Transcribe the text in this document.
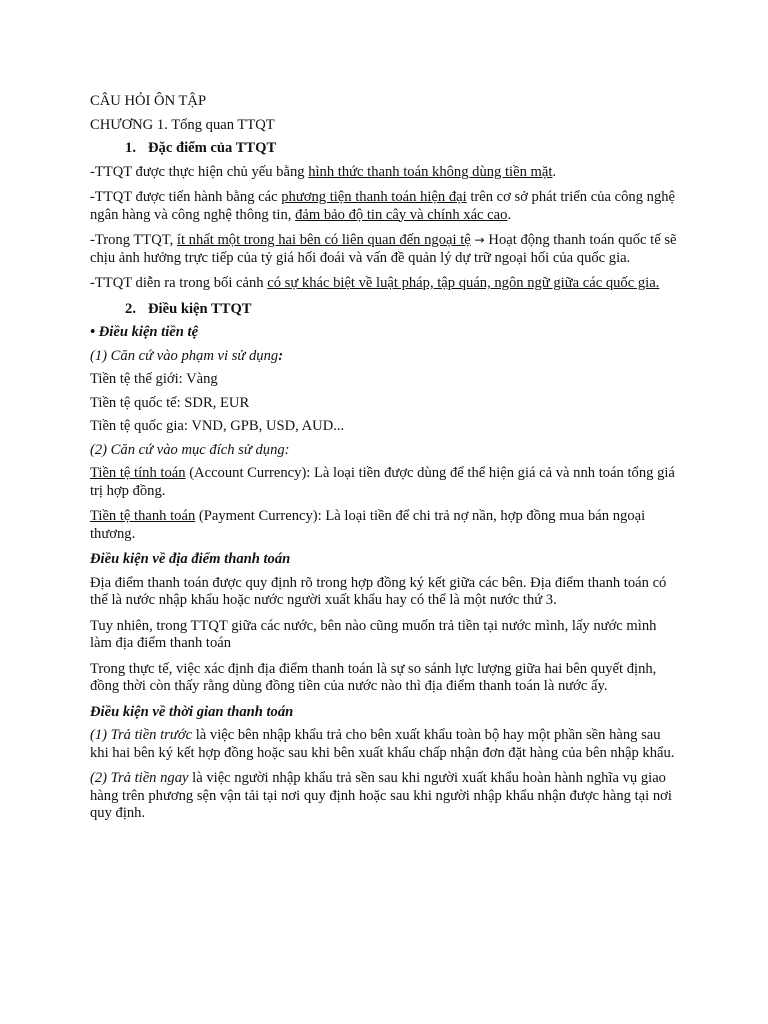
CÂU HỎI ÔN TẬP

CHƯƠNG 1. Tổng quan TTQT

1. Đặc điểm của TTQT

-TTQT được thực hiện chủ yếu bằng hình thức thanh toán không dùng tiền mặt.

-TTQT được tiến hành bằng các phương tiện thanh toán hiện đại trên cơ sở phát triển của công nghệ ngân hàng và công nghệ thông tin, đảm bảo độ tin cây và chính xác cao.

-Trong TTQT, ít nhất một trong hai bên có liên quan đến ngoại tệ → Hoạt động thanh toán quốc tế sẽ chịu ảnh hưởng trực tiếp của tỷ giá hối đoái và vấn đề quản lý dự trữ ngoại hối của quốc gia.

-TTQT diễn ra trong bối cảnh có sự khác biệt về luật pháp, tập quán, ngôn ngữ giữa các quốc gia.

2. Điều kiện TTQT

• Điều kiện tiền tệ

(1) Căn cứ vào phạm vi sử dụng:

Tiền tệ thế giới: Vàng

Tiền tệ quốc tế: SDR, EUR

Tiền tệ quốc gia: VND, GPB, USD, AUD...

(2) Căn cứ vào mục đích sử dụng:

Tiền tệ tính toán (Account Currency): Là loại tiền được dùng để thể hiện giá cả và nnh toán tổng giá trị hợp đồng.

Tiền tệ thanh toán (Payment Currency): Là loại tiền để chi trả nợ nần, hợp đồng mua bán ngoại thương.

Điều kiện về địa điểm thanh toán

Địa điểm thanh toán được quy định rõ trong hợp đồng ký kết giữa các bên. Địa điểm thanh toán có thể là nước nhập khẩu hoặc nước người xuất khẩu hay có thể là một nước thứ 3.

Tuy nhiên, trong TTQT giữa các nước, bên nào cũng muốn trả tiền tại nước mình, lấy nước mình làm địa điểm thanh toán

Trong thực tế, việc xác định địa điểm thanh toán là sự so sánh lực lượng giữa hai bên quyết định, đồng thời còn thấy rằng dùng đồng tiền của nước nào thì địa điểm thanh toán là nước ấy.

Điều kiện về thời gian thanh toán

(1) Trả tiền trước là việc bên nhập khẩu trả cho bên xuất khẩu toàn bộ hay một phần sền hàng sau khi hai bên ký kết hợp đồng hoặc sau khi bên xuất khẩu chấp nhận đơn đặt hàng của bên nhập khẩu.

(2) Trả tiền ngay là việc người nhập khẩu trả sền sau khi người xuất khẩu hoàn hành nghĩa vụ giao hàng trên phương sện vận tải tại nơi quy định hoặc sau khi người nhập khẩu nhận được hàng tại nơi quy định.
